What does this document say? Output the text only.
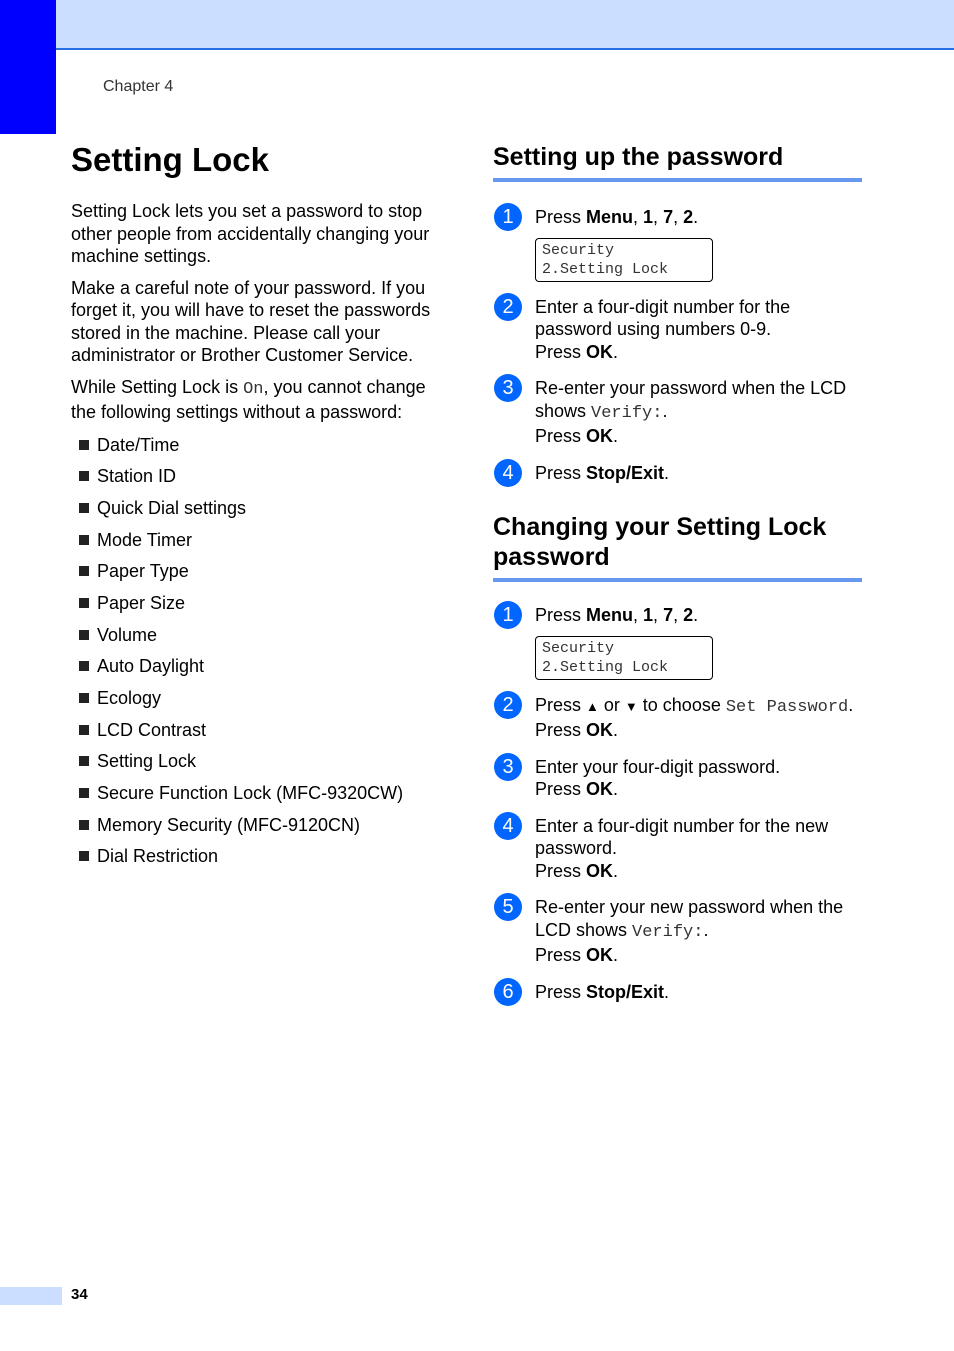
Chapter 4
Setting Lock

Setting Lock lets you set a password to stop other people from accidentally changing your machine settings.

Make a careful note of your password. If you forget it, you will have to reset the passwords stored in the machine. Please call your administrator or Brother Customer Service.

While Setting Lock is On, you cannot change the following settings without a password:

Date/Time
Station ID
Quick Dial settings
Mode Timer
Paper Type
Paper Size
Volume
Auto Daylight
Ecology
LCD Contrast
Setting Lock
Secure Function Lock (MFC-9320CW)
Memory Security (MFC-9120CN)
Dial Restriction
Setting up the password
1	Press Menu, 1, 7, 2.
Security
2.Setting Lock
2	Enter a four-digit number for the password using numbers 0-9.
Press OK.
3	Re-enter your password when the LCD shows Verify:.
Press OK.
4	Press Stop/Exit.
Changing your Setting Lock password
1	Press Menu, 1, 7, 2.
Security
2.Setting Lock
2	Press ▲ or ▼ to choose Set Password.
Press OK.
3	Enter your four-digit password.
Press OK.
4	Enter a four-digit number for the new password.
Press OK.
5	Re-enter your new password when the LCD shows Verify:.
Press OK.
6	Press Stop/Exit.
34
